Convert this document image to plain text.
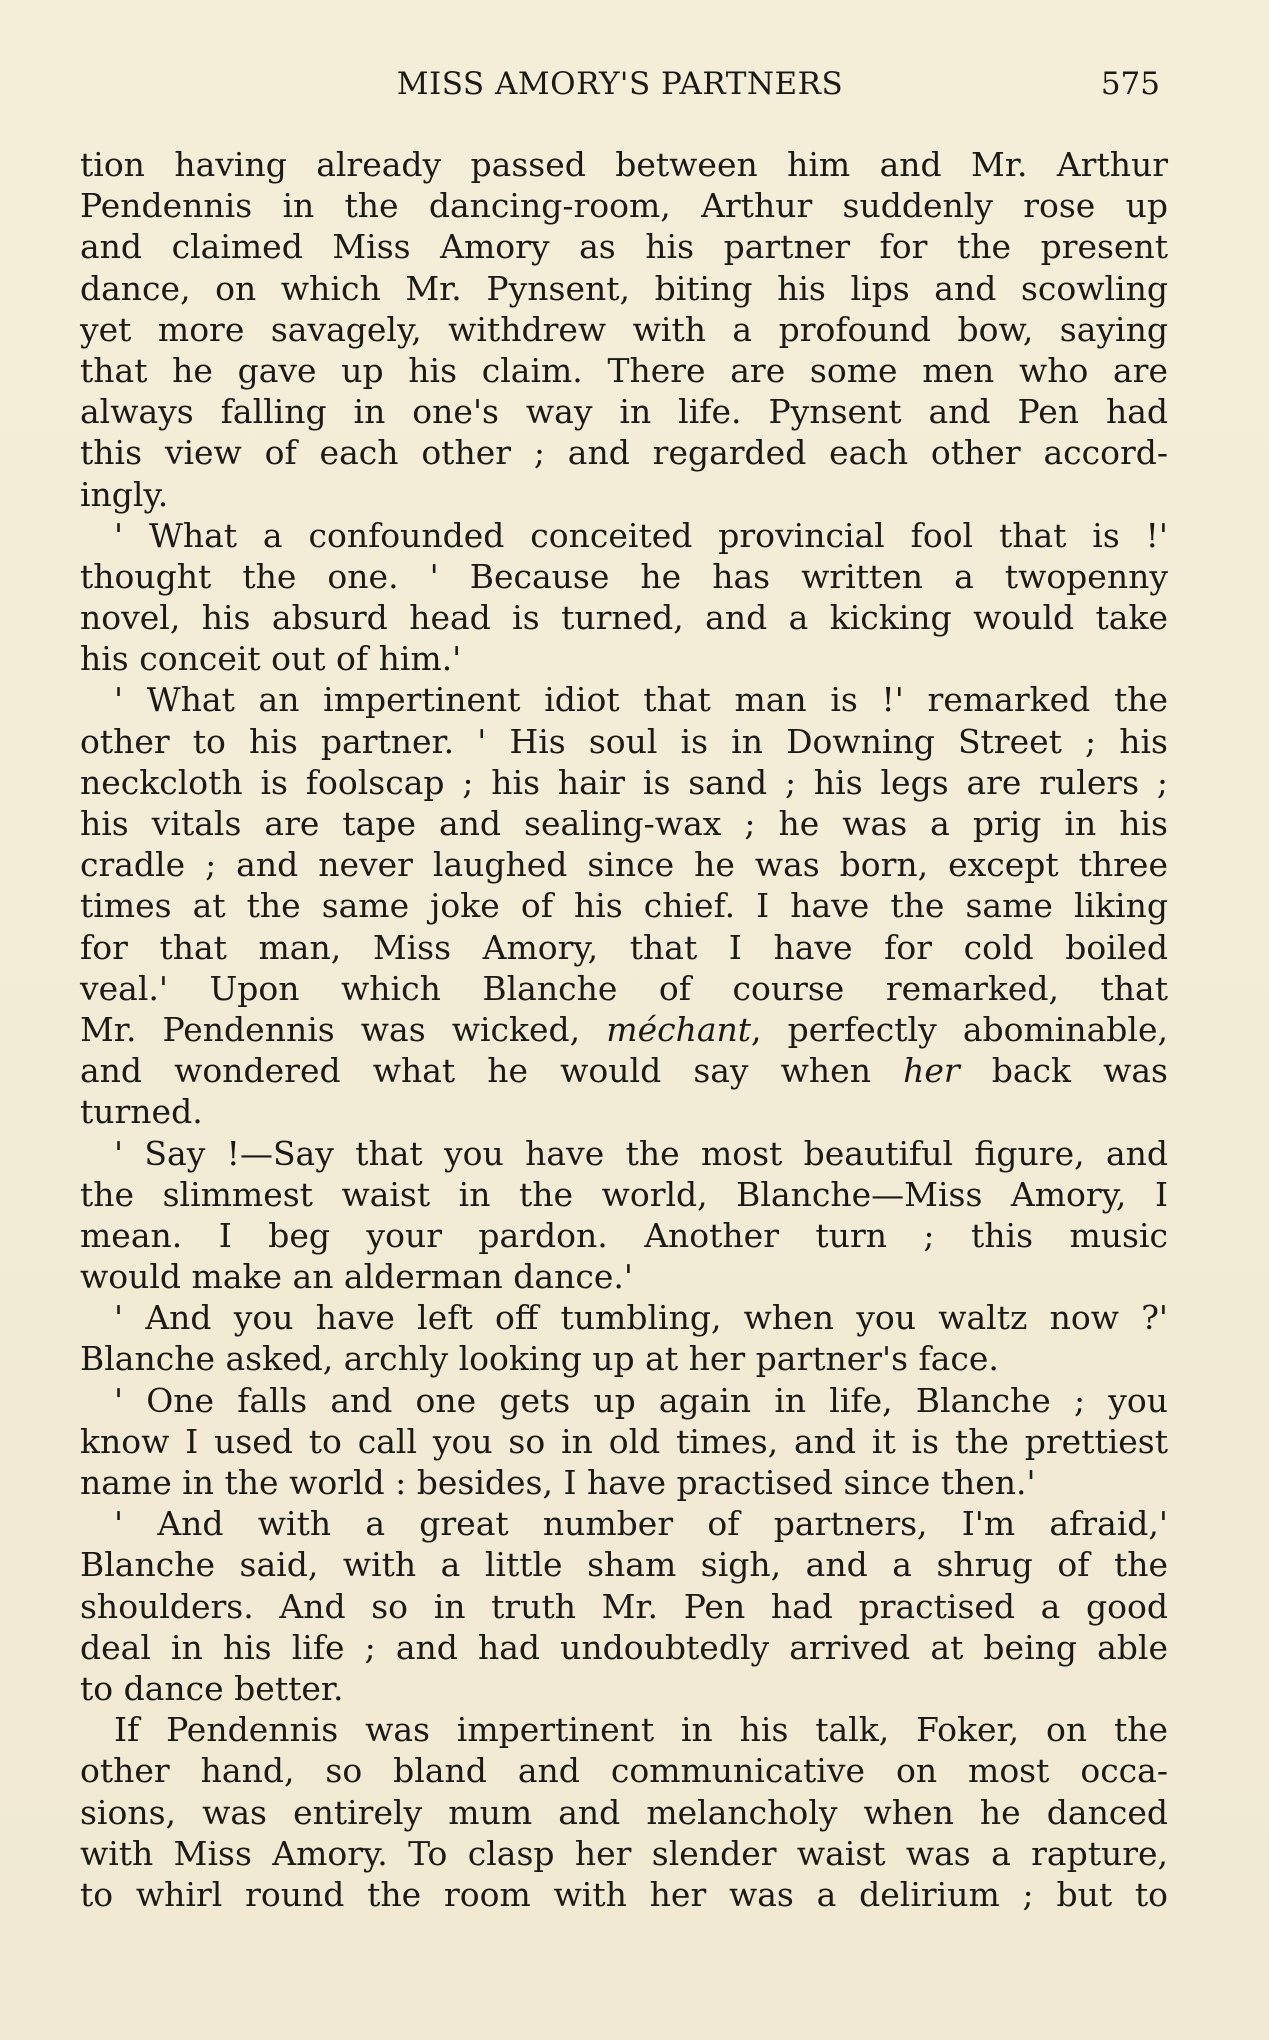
MISS AMORY'S PARTNERS	575
tion having already passed between him and Mr. Arthur
Pendennis in the dancing-room, Arthur suddenly rose up
and claimed Miss Amory as his partner for the present
dance, on which Mr. Pynsent, biting his lips and scowling
yet more savagely, withdrew with a profound bow, saying
that he gave up his claim. There are some men who are
always falling in one's way in life. Pynsent and Pen had
this view of each other ; and regarded each other accord-
ingly.
' What a confounded conceited provincial fool that is !'
thought the one. ' Because he has written a twopenny
novel, his absurd head is turned, and a kicking would take
his conceit out of him.'
' What an impertinent idiot that man is !' remarked the
other to his partner. ' His soul is in Downing Street ; his
neckcloth is foolscap ; his hair is sand ; his legs are rulers ;
his vitals are tape and sealing-wax ; he was a prig in his
cradle ; and never laughed since he was born, except three
times at the same joke of his chief. I have the same liking
for that man, Miss Amory, that I have for cold boiled
veal.' Upon which Blanche of course remarked, that
Mr. Pendennis was wicked, méchant, perfectly abominable,
and wondered what he would say when her back was
turned.
' Say !—Say that you have the most beautiful figure, and
the slimmest waist in the world, Blanche—Miss Amory, I
mean. I beg your pardon. Another turn ; this music
would make an alderman dance.'
' And you have left off tumbling, when you waltz now ?'
Blanche asked, archly looking up at her partner's face.
' One falls and one gets up again in life, Blanche ; you
know I used to call you so in old times, and it is the prettiest
name in the world : besides, I have practised since then.'
' And with a great number of partners, I'm afraid,'
Blanche said, with a little sham sigh, and a shrug of the
shoulders. And so in truth Mr. Pen had practised a good
deal in his life ; and had undoubtedly arrived at being able
to dance better.
If Pendennis was impertinent in his talk, Foker, on the
other hand, so bland and communicative on most occa-
sions, was entirely mum and melancholy when he danced
with Miss Amory. To clasp her slender waist was a rapture,
to whirl round the room with her was a delirium ; but to
